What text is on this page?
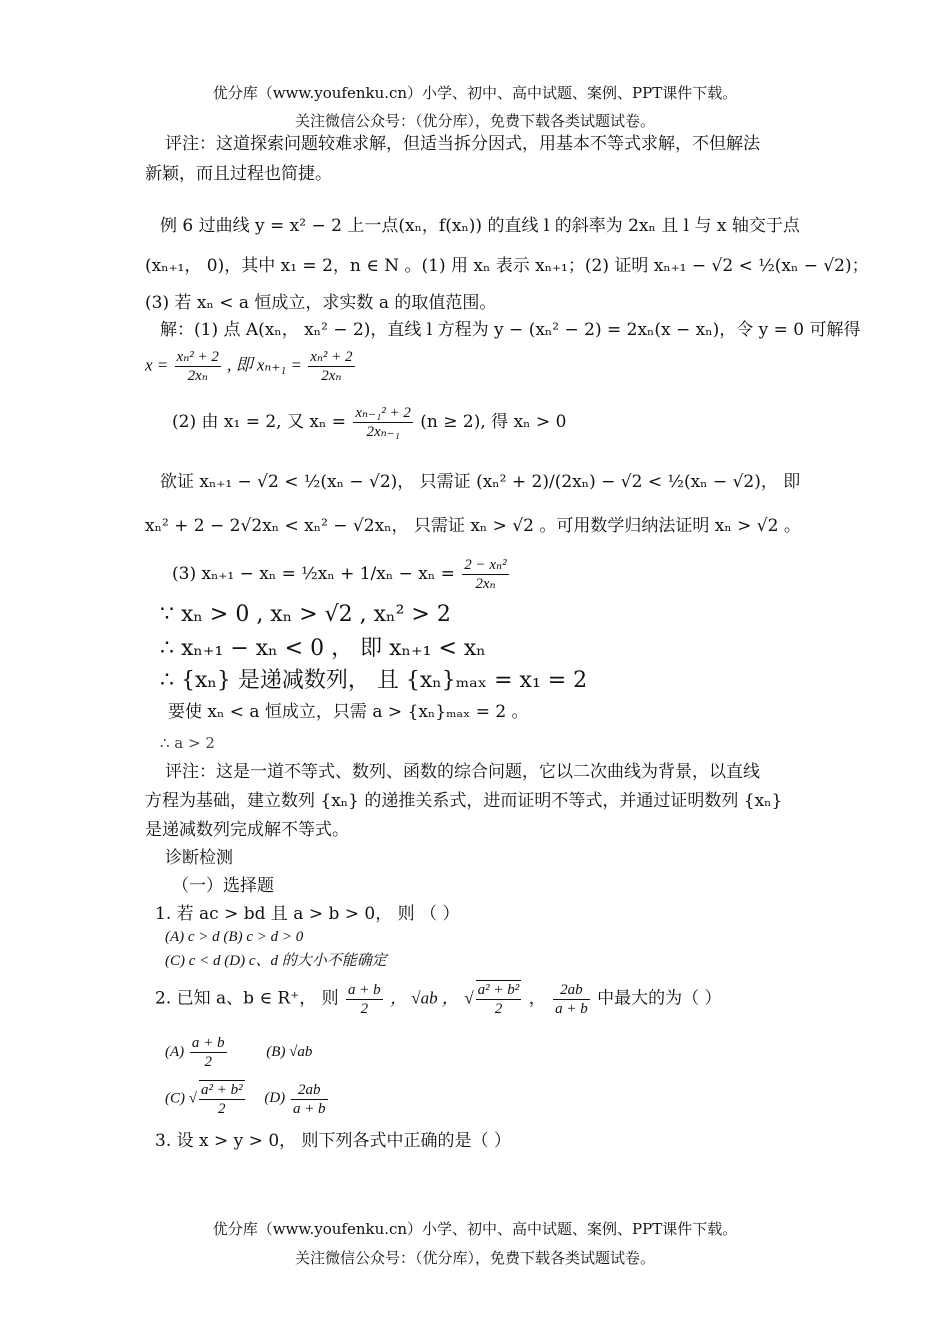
优分库（www.youfenku.cn）小学、初中、高中试题、案例、PPT课件下载。
关注微信公众号：（优分库），免费下载各类试题试卷。
评注：这道探索问题较难求解，但适当拆分因式，用基本不等式求解，不但解法
新颖，而且过程也简捷。
例 6 过曲线 y = x² − 2 上一点(xₙ，f(xₙ)) 的直线 l 的斜率为 2xₙ 且 l 与 x 轴交于点
(xₙ₊₁， 0)，其中 x₁ = 2，n ∈ N 。(1) 用 xₙ 表示 xₙ₊₁；(2) 证明 xₙ₊₁ − √2 < ½(xₙ − √2)；
(3) 若 xₙ < a 恒成立，求实数 a 的取值范围。
解：(1) 点 A(xₙ， xₙ² − 2)，直线 l 方程为 y − (xₙ² − 2) = 2xₙ(x − xₙ)，令 y = 0 可解得
$x = \frac{\text{xₙ² + 2}}{\text{2xₙ}}$ , 即 $x_{n+1} = \frac{\text{xₙ² + 2}}{\text{2xₙ}}$
(2) 由 x₁ = 2, 又 $x_n = \frac{\text{xₙ₋₁² + 2}}{\text{2xₙ₋₁}} (n \ge 2)$, 得 xₙ > 0
欲证 xₙ₊₁ − √2 < ½(xₙ − √2)， 只需证 (xₙ² + 2)/(2xₙ) − √2 < ½(xₙ − √2)， 即
xₙ² + 2 − 2√2xₙ < xₙ² − √2xₙ， 只需证 xₙ > √2 。可用数学归纳法证明 xₙ > √2 。
(3) xₙ₊₁ − xₙ = ½xₙ + $1/x_n - x_n = \frac{\text{2 − xₙ²}}{\text{2xₙ}}$
∵ xₙ > 0 , xₙ > √2 , xₙ² > 2
∴ xₙ₊₁ − xₙ < 0 ， 即 xₙ₊₁ < xₙ
∴ {xₙ} 是递减数列， 且 {xₙ}ₘₐₓ = x₁ = 2
要使 xₙ < a 恒成立，只需 a > {xₙ}ₘₐₓ = 2 。
∴ a > 2
评注：这是一道不等式、数列、函数的综合问题，它以二次曲线为背景，以直线
方程为基础，建立数列 {xₙ} 的递推关系式，进而证明不等式，并通过证明数列 {xₙ}
是递减数列完成解不等式。
诊断检测
（一）选择题
1. 若 ac > bd 且 a > b > 0， 则 （ ）
(A) c > d (B) c > d > 0
(C) c < d (D) c、d 的大小不能确定
2. 已知 a、b ∈ R⁺， 则 $\frac{a + b}{2}$ ， √ab ， √ $\frac{\text{a² + b²}}{2}$ ， $\frac{2ab}{a + b}$ 中最大的为（ ）
$(A) \frac{a + b}{2}$	(B) √ab
(C) √ $\frac{\text{a² + b²}}{2} (D) \frac{2ab}{a + b}$
3. 设 x > y > 0， 则下列各式中正确的是（ ）
优分库（www.youfenku.cn）小学、初中、高中试题、案例、PPT课件下载。
关注微信公众号：（优分库），免费下载各类试题试卷。
